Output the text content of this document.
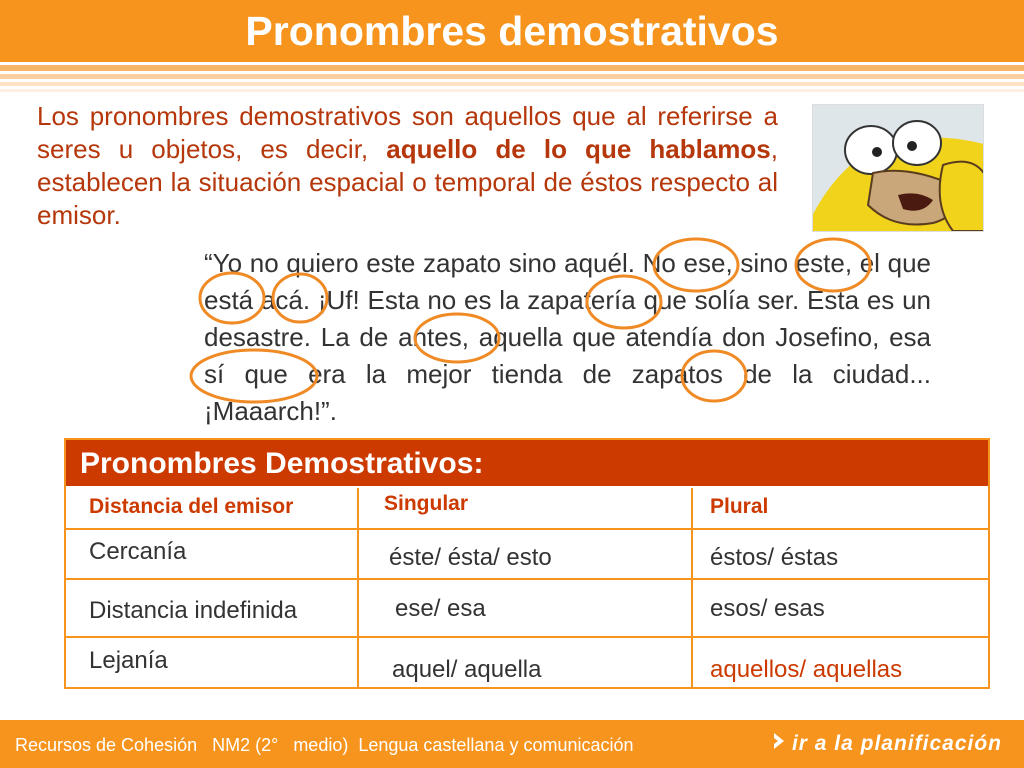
Pronombres demostrativos
Los pronombres demostrativos son aquellos que al referirse a seres u objetos, es decir, aquello de lo que hablamos, establecen la situación espacial o temporal de éstos respecto al emisor.
“Yo no quiero este zapato sino aquél. No ese, sino este, el que está acá. ¡Uf! Esta no es la zapatería que solía ser. Esta es un desastre. La de antes, aquella que atendía don Josefino, esa sí que era la mejor tienda de zapatos de la ciudad...¡Maaarch!”.
Pronombres Demostrativos:
Distancia del emisor	Singular	Plural
Cercanía	éste/ ésta/ esto	éstos/ éstas
Distancia indefinida	ese/ esa	esos/ esas
Lejanía	aquel/ aquella	aquellos/ aquellas
Recursos de Cohesión   NM2 (2°   medio)  Lengua castellana y comunicación	ir a la planificación
